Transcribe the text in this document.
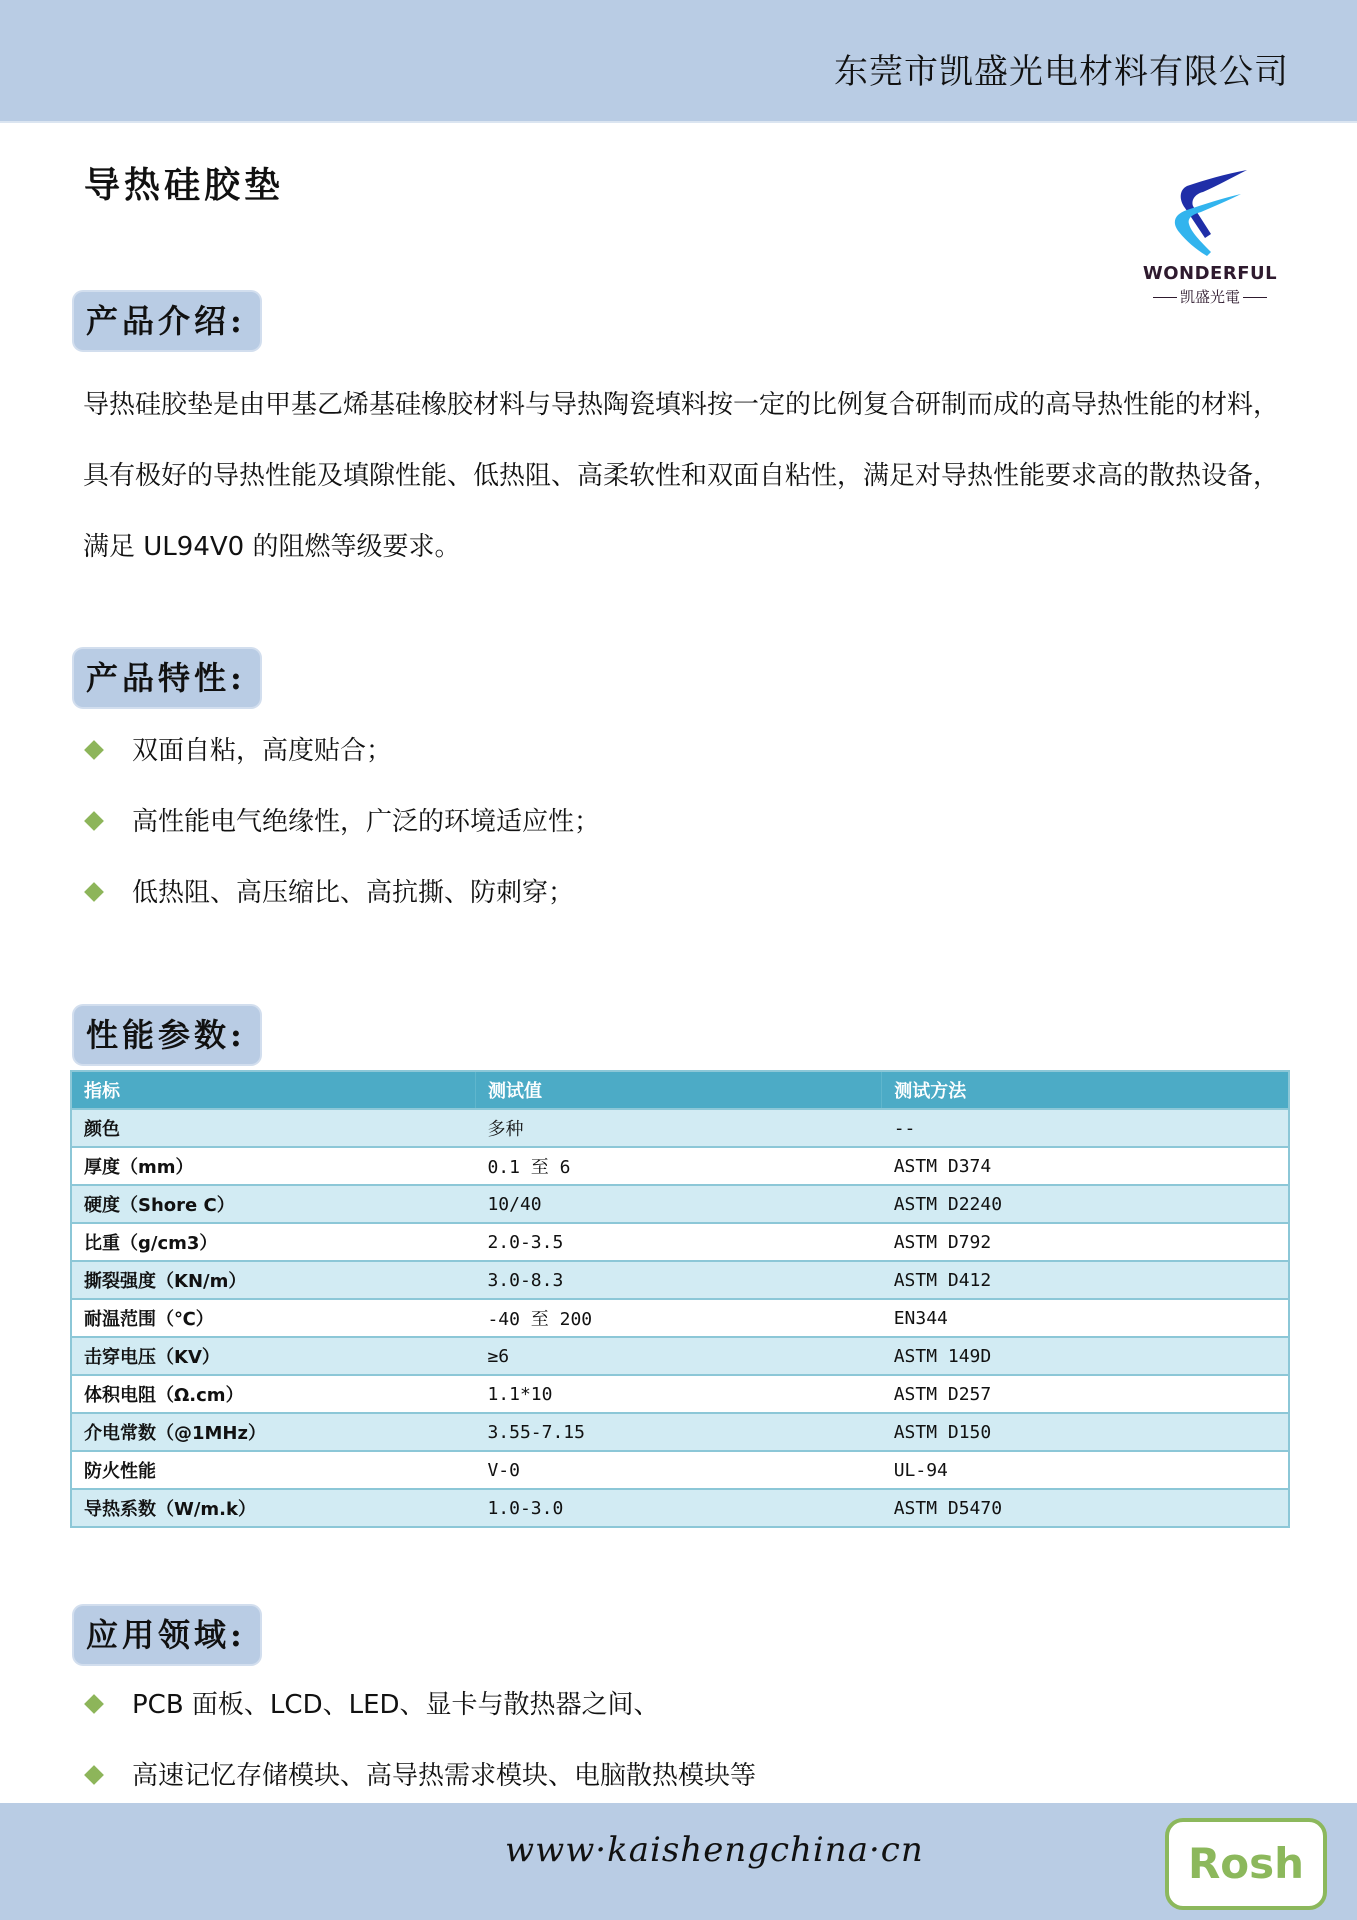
东莞市凯盛光电材料有限公司
导热硅胶垫
WONDERFUL
凯盛光電
产品介绍:
导热硅胶垫是由甲基乙烯基硅橡胶材料与导热陶瓷填料按一定的比例复合研制而成的高导热性能的材料，具有极好的导热性能及填隙性能、低热阻、高柔软性和双面自粘性，满足对导热性能要求高的散热设备，满足 UL94V0 的阻燃等级要求。
产品特性:
双面自粘，高度贴合；
高性能电气绝缘性，广泛的环境适应性；
低热阻、高压缩比、高抗撕、防刺穿；
性能参数:
指标	测试值	测试方法
颜色	多种	--
厚度（mm）	0.1 至 6	ASTM D374
硬度（Shore C）	10/40	ASTM D2240
比重（g/cm3）	2.0-3.5	ASTM D792
撕裂强度（KN/m）	3.0-8.3	ASTM D412
耐温范围（℃）	-40 至 200	EN344
击穿电压（KV）	≥6	ASTM 149D
体积电阻（Ω.cm）	1.1*10	ASTM D257
介电常数（@1MHz）	3.55-7.15	ASTM D150
防火性能	V-0	UL-94
导热系数（W/m.k）	1.0-3.0	ASTM D5470
应用领域:
PCB 面板、LCD、LED、显卡与散热器之间、
高速记忆存储模块、高导热需求模块、电脑散热模块等
www·kaishengchina·cn	Rosh
